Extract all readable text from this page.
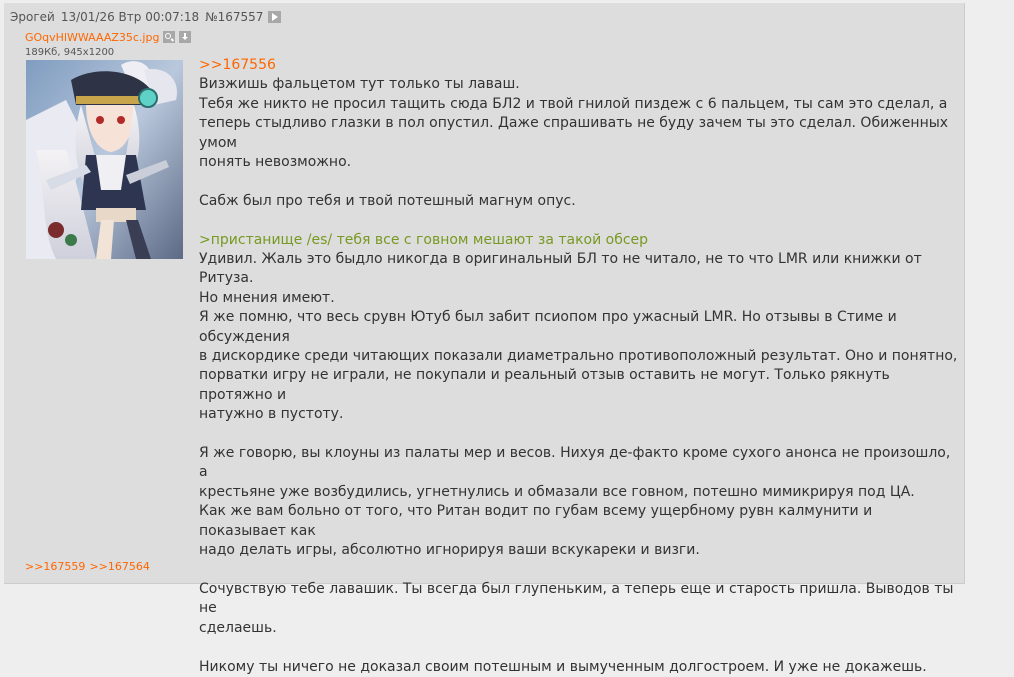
Эрогей 13/01/26 Втр 00:07:18 №167557
GOqvHlWWAAAZ35c.jpg
189Кб, 945x1200

>>167556

Визжишь фальцетом тут только ты лаваш.

Тебя же никто не просил тащить сюда БЛ2 и твой гнилой пиздеж с 6 пальцем, ты сам это сделал, а

теперь стыдливо глазки в пол опустил. Даже спрашивать не буду зачем ты это сделал. Обиженных умом

понять невозможно.

Сабж был про тебя и твой потешный магнум опус.

>пристанище /es/ тебя все с говном мешают за такой обсер

Удивил. Жаль это быдло никогда в оригинальный БЛ то не читало, не то что LMR или книжки от Ритуза.

Но мнения имеют.

Я же помню, что весь срувн Ютуб был забит псиопом про ужасный LMR. Но отзывы в Стиме и обсуждения

в дискордике среди читающих показали диаметрально противоположный результат. Оно и понятно,

порватки игру не играли, не покупали и реальный отзыв оставить не могут. Только рякнуть протяжно и

натужно в пустоту.

Я же говорю, вы клоуны из палаты мер и весов. Нихуя де-факто кроме сухого анонса не произошло, а

крестьяне уже возбудились, угнетнулись и обмазали все говном, потешно мимикрируя под ЦА.

Как же вам больно от того, что Ритан водит по губам всему ущербному рувн калмунити и показывает как

надо делать игры, абсолютно игнорируя ваши вскукареки и визги.

Сочувствую тебе лавашик. Ты всегда был глупеньким, а теперь еще и старость пришла. Выводов ты не

сделаешь.

Никому ты ничего не доказал своим потешным и вымученным долгостроем. И уже не докажешь.

>>167559 >>167564
